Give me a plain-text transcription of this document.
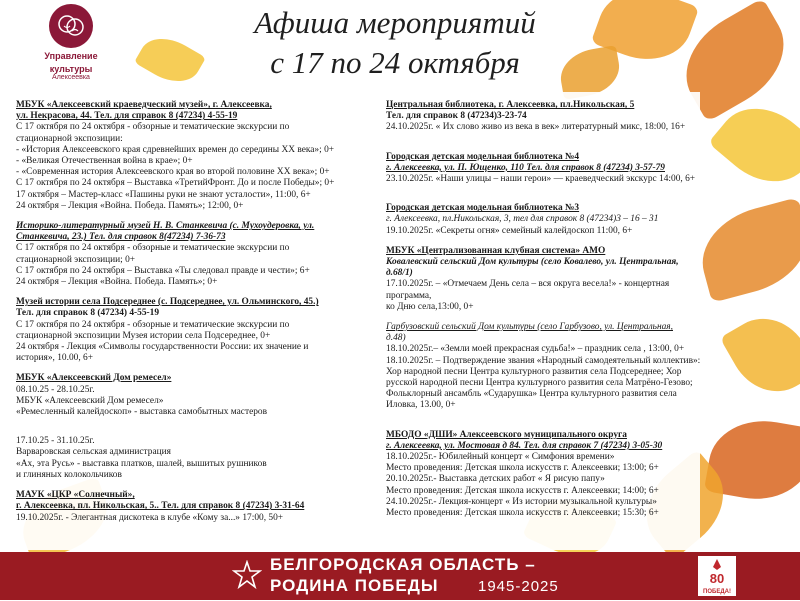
Управление
культуры
Алексеевка
Афиша мероприятий
с 17 по 24 октября

МБУК «Алексеевский краеведческий музей», г. Алексеевка,

ул. Некрасова, 44. Тел. для справок 8 (47234) 4-55-19

С 17 октября по 24 октября - обзорные и тематические экскурсии по

стационарной экспозиции:

- «История Алексеевского края сдревнейших времен до середины XX века»; 0+

- «Великая Отечественная война в крае»; 0+

- «Современная история Алексеевского края во второй половине XX века»; 0+

С 17 октября по 24 октября – Выставка «ТретийФронт. До и после Победы»; 0+

17 октября – Мастер-класс «Пашины руки не знают усталости», 11:00, 6+

24 октября – Лекция «Война. Победа. Память»; 12:00, 0+

Историко-литературный музей Н. В. Станкевича (с. Мухоудеровка, ул.

Станкевича, 23.) Тел. для справок 8(47234) 7-36-73

С 17 октября по 24 октября - обзорные и тематические экскурсии по

стационарной экспозиции; 0+

С 17 октября по 24 октября – Выставка «Ты следовал правде и чести»; 6+

24 октября – Лекция «Война. Победа. Память»; 0+

Музей истории села Подсереднее (с. Подсереднее, ул. Ольминского, 45.)

Тел. для справок 8 (47234) 4-55-19

С 17 октября по 24 октября - обзорные и тематические экскурсии по

стационарной экспозиции Музея истории села Подсереднее, 0+

24 октября - Лекция «Символы государственности России: их значение и

история», 10.00, 6+

МБУК «Алексеевский Дом ремесел»

08.10.25 - 28.10.25г.

МБУК «Алексеевский Дом ремесел»

«Ремесленный калейдоскоп» - выставка самобытных мастеров

17.10.25 - 31.10.25г.

Варваровская сельская администрация

«Ах, эта Русь» - выставка платков, шалей, вышитых рушников

и глиняных колокольчиков

МАУК «ЦКР «Солнечный»,

г. Алексеевка, пл. Никольская, 5.. Тел. для справок 8 (47234) 3-31-64

19.10.2025г. - Элегантная дискотека в клубе «Кому за...» 17:00, 50+

Центральная библиотека, г. Алексеевка, пл.Никольская, 5

Тел. для справок 8 (47234)3-23-74

24.10.2025г. « Их слово живо из века в век» литературный микс, 18:00, 16+

Городская детская модельная библиотека №4

г. Алексеевка, ул. П. Ющенко, 110 Тел. для справок 8 (47234) 3-57-79

23.10.2025г. «Наши улицы – наши герои» — краеведческий экскурс 14:00, 6+

Городская детская модельная библиотека №3

г. Алексеевка, пл.Никольская, 3, тел для справок 8 (47234)3 – 16 – 31

19.10.2025г. «Секреты огня» семейный калейдоскоп 11:00, 6+

МБУК «Централизованная клубная система» АМО

Ковалевский сельский Дом культуры (село Ковалево, ул. Центральная,

д.68/1)

17.10.2025г. – «Отмечаем День села – вся округа весела!» - концертная программа,

ко Дню села,13:00, 0+

Гарбузовский сельский Дом культуры (село Гарбузово, ул. Центральная,

д.48)

18.10.2025г.– «Земли моей прекрасная судьба!» – праздник села , 13:00, 0+

18.10.2025г. – Подтверждение звания «Народный самодеятельный коллектив»:

Хор народной песни Центра культурного развития села Подсереднее; Хор

русской народной песни Центра культурного развития села Матрёно-Гезово;

Фольклорный ансамбль «Сударушка» Центра культурного развития села

Иловка, 13.00, 0+

МБОДО «ДШИ» Алексеевского муниципального округа

г. Алексеевка, ул. Мостовая д 84. Тел. для справок 7 (47234) 3-05-30

18.10.2025г.- Юбилейный концерт « Симфония времени»

Место проведения: Детская школа искусств г. Алексеевки; 13:00; 6+

20.10.2025г.- Выставка детских работ « Я рисую папу»

Место проведения: Детская школа искусств г. Алексеевки; 14:00; 6+

24.10.2025г.- Лекция-концерт « Из истории музыкальной культуры»

Место проведения: Детская школа искусств г. Алексеевки; 15:30; 6+

БЕЛГОРОДСКАЯ ОБЛАСТЬ –
РОДИНА ПОБЕДЫ	1945-2025	80
ПОБЕДА!
